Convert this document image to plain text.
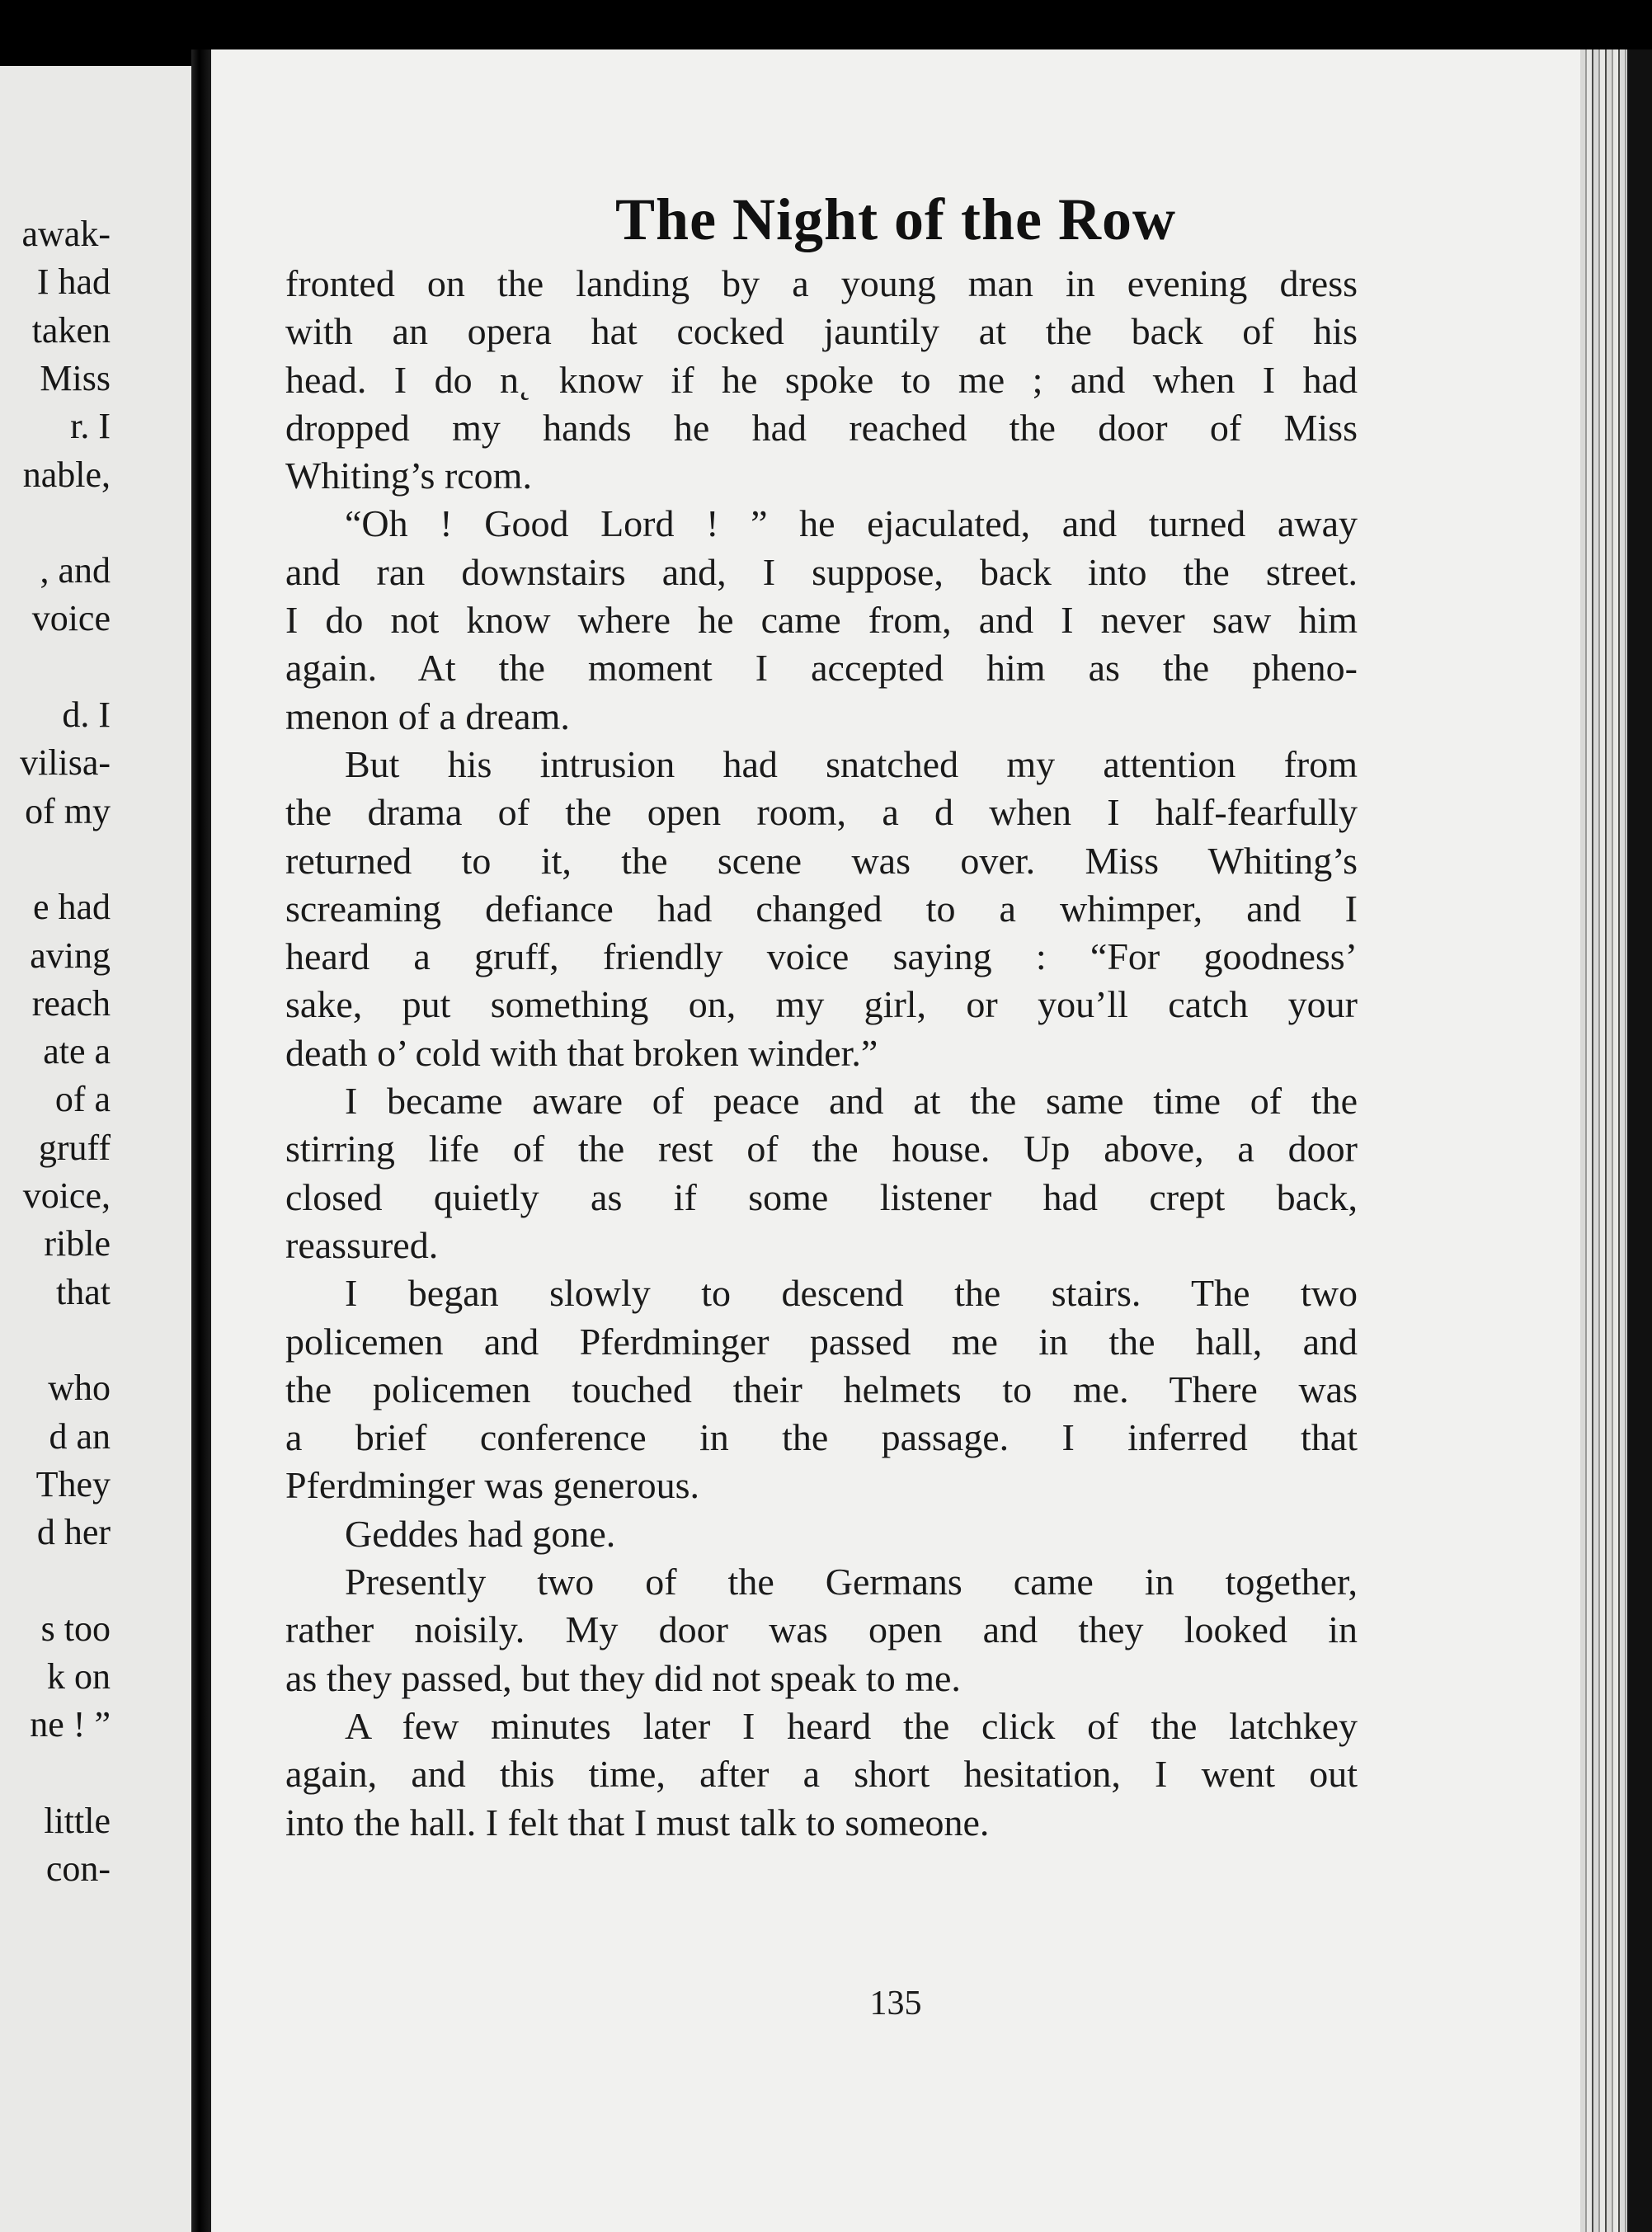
awak-
I had
taken
Miss
r. I
nable,
, and
voice
d. I
vilisa-
of my
e had
aving
reach
ate a
of a
gruff
voice,
rible
that
who
d an
They
d her
s too
k on
ne ! ”
little
con-
The Night of the Row
fronted on the landing by a young man in evening dress
with an opera hat cocked jauntily at the back of his
head. I do n˛ know if he spoke to me ; and when I had
dropped my hands he had reached the door of Miss
Whiting’s rcom.
“Oh ! Good Lord ! ” he ejaculated, and turned away
and ran downstairs and, I suppose, back into the street.
I do not know where he came from, and I never saw him
again. At the moment I accepted him as the pheno-
menon of a dream.
But his intrusion had snatched my attention from
the drama of the open room, a d when I half-fearfully
returned to it, the scene was over. Miss Whiting’s
screaming defiance had changed to a whimper, and I
heard a gruff, friendly voice saying : “For goodness’
sake, put something on, my girl, or you’ll catch your
death o’ cold with that broken winder.”
I became aware of peace and at the same time of the
stirring life of the rest of the house. Up above, a door
closed quietly as if some listener had crept back,
reassured.
I began slowly to descend the stairs. The two
policemen and Pferdminger passed me in the hall, and
the policemen touched their helmets to me. There was
a brief conference in the passage. I inferred that
Pferdminger was generous.
Geddes had gone.
Presently two of the Germans came in together,
rather noisily. My door was open and they looked in
as they passed, but they did not speak to me.
A few minutes later I heard the click of the latchkey
again, and this time, after a short hesitation, I went out
into the hall. I felt that I must talk to someone.
135
